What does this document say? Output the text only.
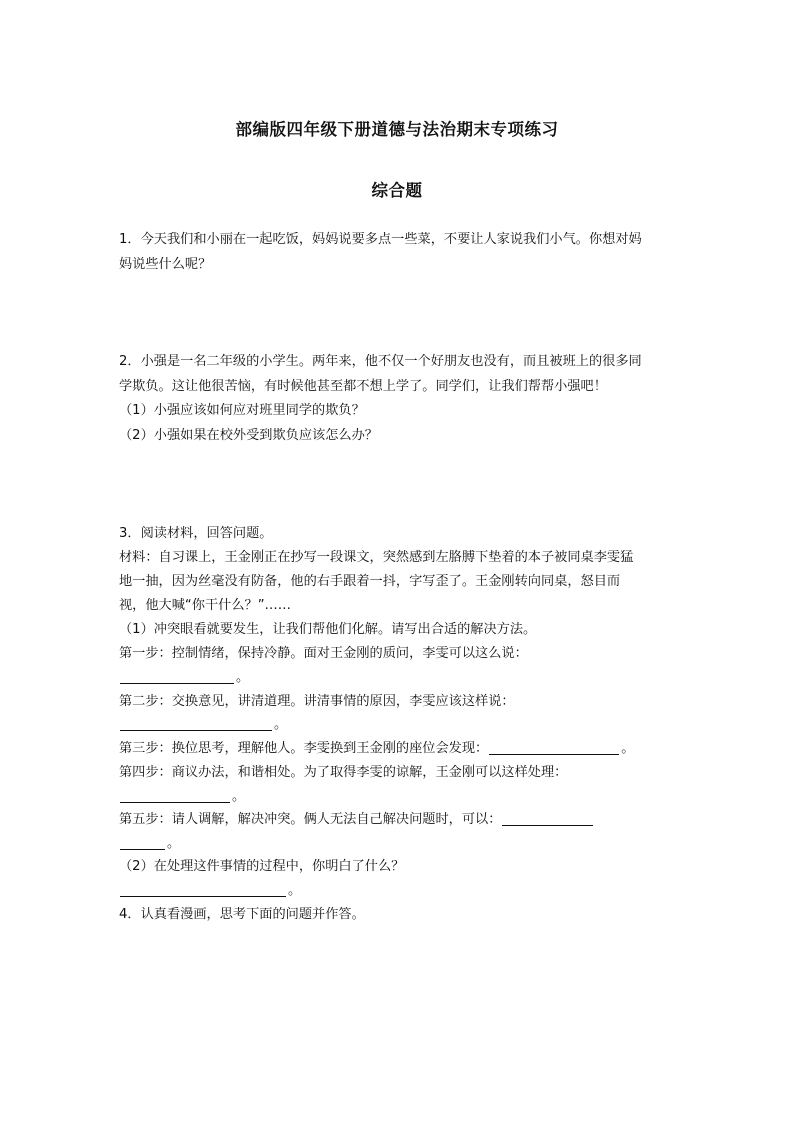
部编版四年级下册道德与法治期末专项练习
综合题
1．今天我们和小丽在一起吃饭，妈妈说要多点一些菜，不要让人家说我们小气。你想对妈
妈说些什么呢？
2．小强是一名二年级的小学生。两年来，他不仅一个好朋友也没有，而且被班上的很多同
学欺负。这让他很苦恼，有时候他甚至都不想上学了。同学们，让我们帮帮小强吧！
（1）小强应该如何应对班里同学的欺负？
（2）小强如果在校外受到欺负应该怎么办？
3．阅读材料，回答问题。
材料：自习课上，王金刚正在抄写一段课文，突然感到左胳膊下垫着的本子被同桌李雯猛
地一抽，因为丝毫没有防备，他的右手跟着一抖，字写歪了。王金刚转向同桌，怒目而
视，他大喊“你干什么？”……
（1）冲突眼看就要发生，让我们帮他们化解。请写出合适的解决方法。
第一步：控制情绪，保持冷静。面对王金刚的质问，李雯可以这么说：
。
第二步：交换意见，讲清道理。讲清事情的原因，李雯应该这样说：
。
第三步：换位思考，理解他人。李雯换到王金刚的座位会发现：	。
第四步：商议办法，和谐相处。为了取得李雯的谅解，王金刚可以这样处理：
。
第五步：请人调解，解决冲突。俩人无法自己解决问题时，可以：
。
（2）在处理这件事情的过程中，你明白了什么？
。
4．认真看漫画，思考下面的问题并作答。
